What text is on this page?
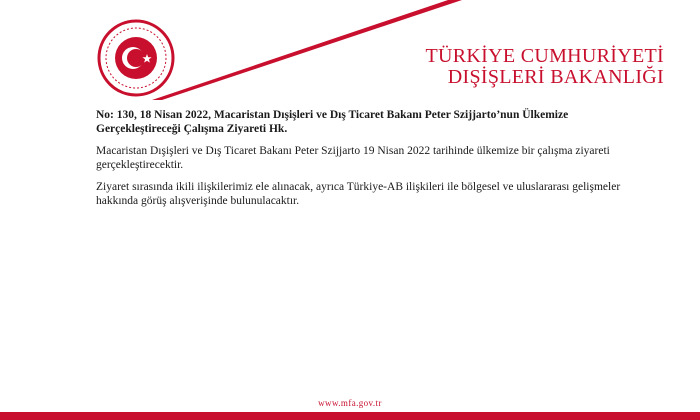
TÜRKİYE CUMHURİYETİ
DIŞİŞLERİ BAKANLIĞI

No: 130, 18 Nisan 2022, Macaristan Dışişleri ve Dış Ticaret Bakanı Peter Szijjarto’nun Ülkemize Gerçekleştireceği Çalışma Ziyareti Hk.

Macaristan Dışişleri ve Dış Ticaret Bakanı Peter Szijjarto 19 Nisan 2022 tarihinde ülkemize bir çalışma ziyareti gerçekleştirecektir.

Ziyaret sırasında ikili ilişkilerimiz ele alınacak, ayrıca Türkiye-AB ilişkileri ile bölgesel ve uluslararası gelişmeler hakkında görüş alışverişinde bulunulacaktır.

www.mfa.gov.tr
